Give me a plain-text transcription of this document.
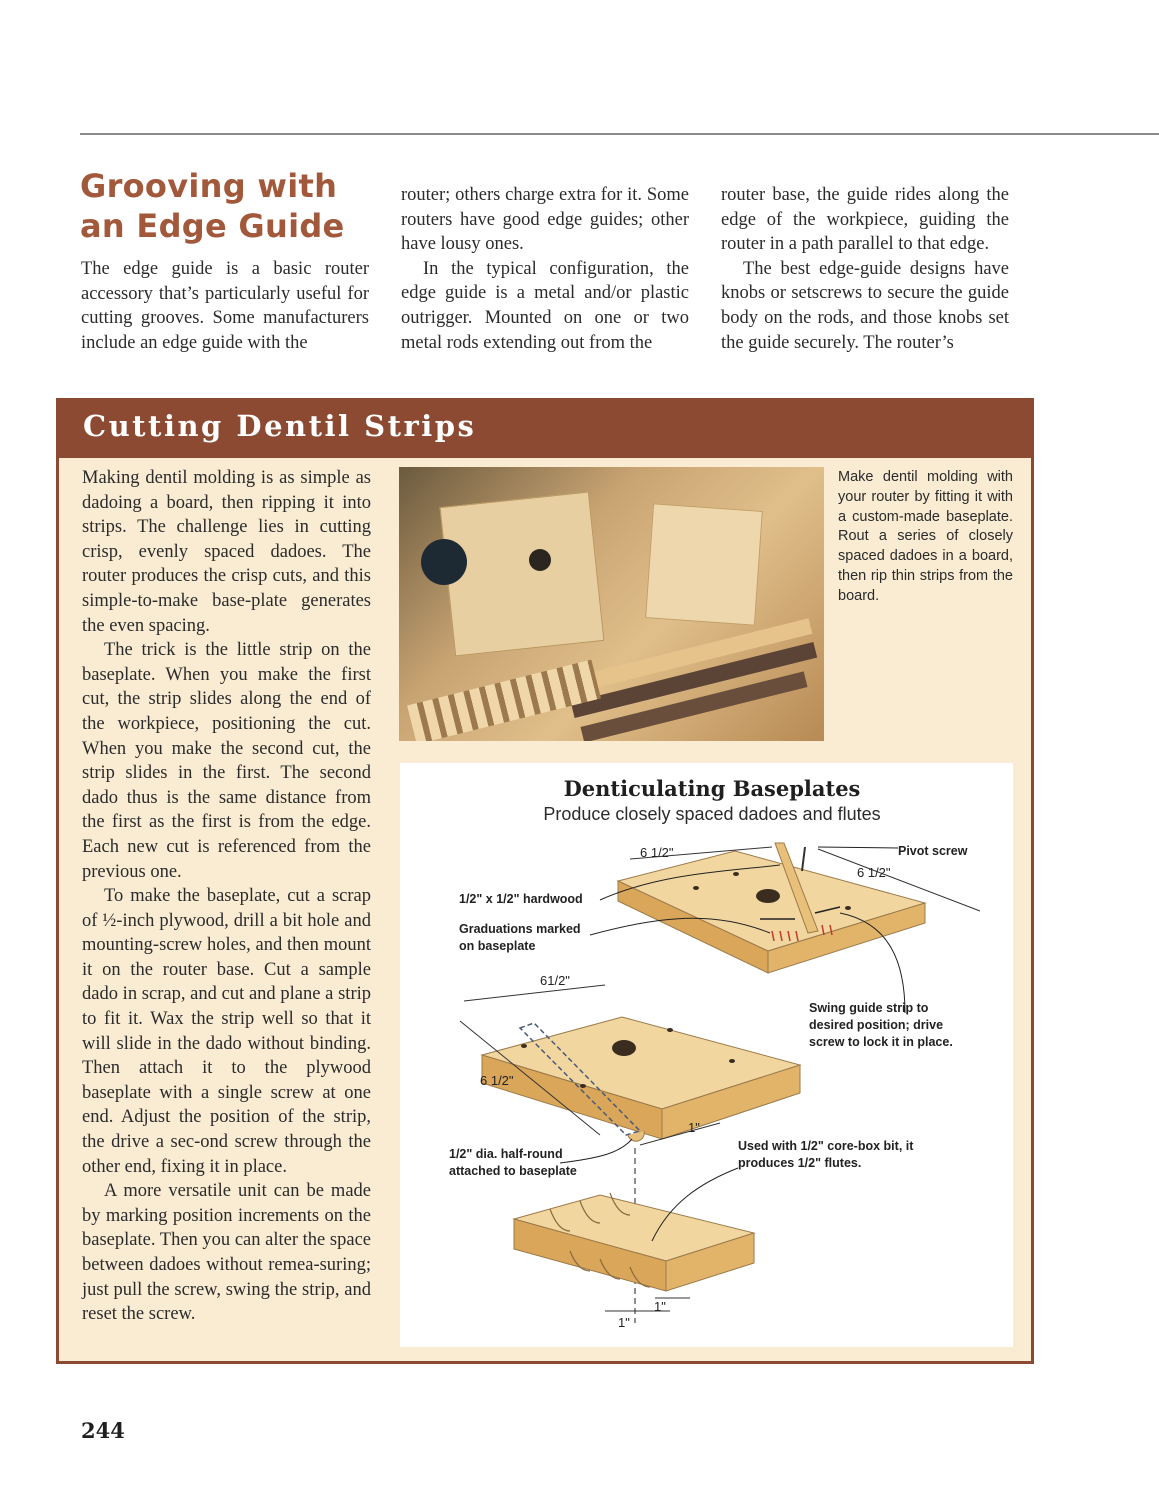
Grooving with
an Edge Guide

The edge guide is a basic router accessory that’s particularly useful for cutting grooves. Some manufacturers include an edge guide with the

router; others charge extra for it. Some routers have good edge guides; other have lousy ones.

In the typical configuration, the edge guide is a metal and/or plastic outrigger. Mounted on one or two metal rods extending out from the

router base, the guide rides along the edge of the workpiece, guiding the router in a path parallel to that edge.

The best edge-guide designs have knobs or setscrews to secure the guide body on the rods, and those knobs set the guide securely. The router’s

Cutting Dentil Strips

Making dentil molding is as simple as dadoing a board, then ripping it into strips. The challenge lies in cutting crisp, evenly spaced dadoes. The router produces the crisp cuts, and this simple-to-make base-plate generates the even spacing.

The trick is the little strip on the baseplate. When you make the first cut, the strip slides along the end of the workpiece, positioning the cut. When you make the second cut, the strip slides in the first. The second dado thus is the same distance from the first as the first is from the edge. Each new cut is referenced from the previous one.

To make the baseplate, cut a scrap of ½-inch plywood, drill a bit hole and mounting-screw holes, and then mount it on the router base. Cut a sample dado in scrap, and cut and plane a strip to fit it. Wax the strip well so that it will slide in the dado without binding. Then attach it to the plywood baseplate with a single screw at one end. Adjust the position of the strip, the drive a sec-ond screw through the other end, fixing it in place.

A more versatile unit can be made by marking position increments on the baseplate. Then you can alter the space between dadoes without remea-suring; just pull the screw, swing the strip, and reset the screw.

Make dentil molding with your router by fitting it with a custom-made baseplate. Rout a series of closely spaced dadoes in a board, then rip thin strips from the board.
Denticulating Baseplates
Produce closely spaced dadoes and flutes
6 1/2"
6 1/2"
61/2"
6 1/2"
1"
1"
1"
Pivot screw
1/2" x 1/2" hardwood
Graduations marked
on baseplate
Swing guide strip to
desired position; drive
screw to lock it in place.
1/2" dia. half-round
attached to baseplate
Used with 1/2" core-box bit, it
produces 1/2" flutes.
244
